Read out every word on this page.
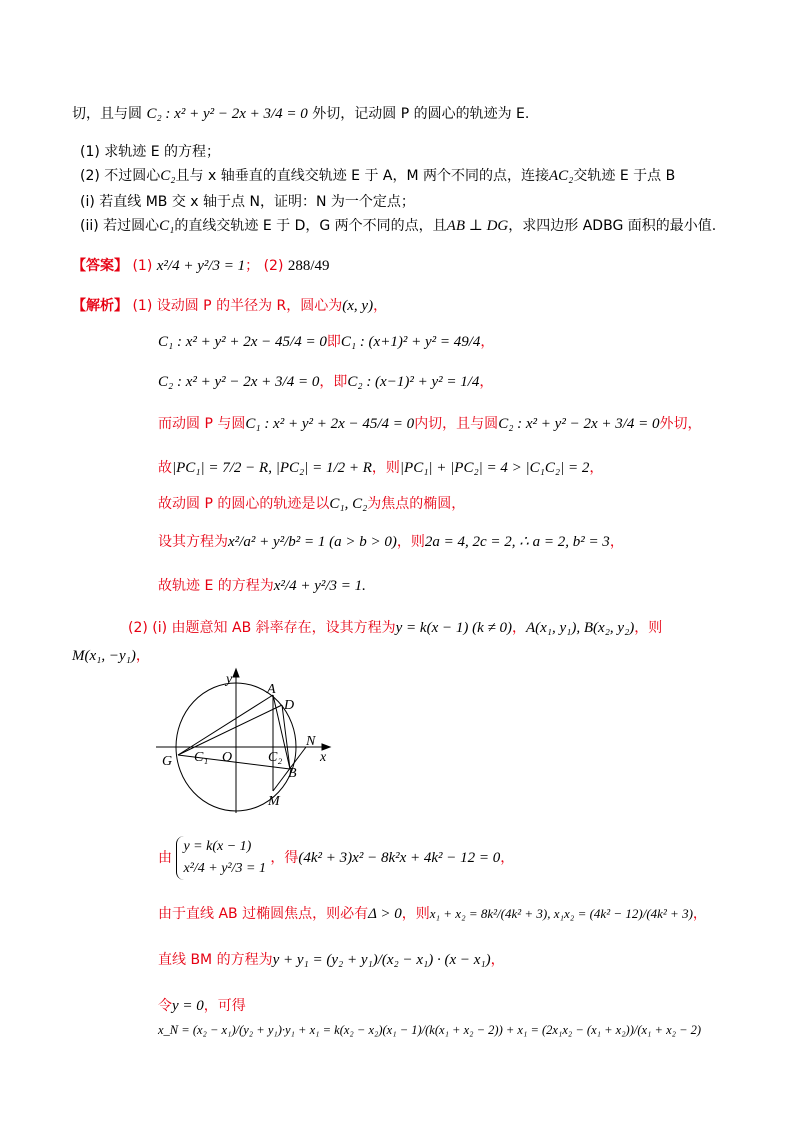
切，且与圆 C₂ : x² + y² − 2x + 3/4 = 0 外切，记动圆 P 的圆心的轨迹为 E.
(1) 求轨迹 E 的方程；
(2) 不过圆心C₂且与 x 轴垂直的直线交轨迹 E 于 A，M 两个不同的点，连接AC₂交轨迹 E 于点 B
(i) 若直线 MB 交 x 轴于点 N，证明：N 为一个定点；
(ii) 若过圆心C₁的直线交轨迹 E 于 D，G 两个不同的点，且AB ⊥ DG，求四边形 ADBG 面积的最小值.
【答案】 (1) x²/4 + y²/3 = 1； (2) 288/49
【解析】 (1) 设动圆 P 的半径为 R，圆心为(x, y)，
C₁ : x² + y² + 2x − 45/4 = 0即C₁ : (x+1)² + y² = 49/4，
C₂ : x² + y² − 2x + 3/4 = 0，即C₂ : (x−1)² + y² = 1/4，
而动圆 P 与圆C₁ : x² + y² + 2x − 45/4 = 0内切，且与圆C₂ : x² + y² − 2x + 3/4 = 0外切，
故|PC₁| = 7/2 − R, |PC₂| = 1/2 + R，则|PC₁| + |PC₂| = 4 > |C₁C₂| = 2，
故动圆 P 的圆心的轨迹是以C₁, C₂为焦点的椭圆，
设其方程为x²/a² + y²/b² = 1 (a > b > 0)，则2a = 4, 2c = 2, ∴ a = 2, b² = 3，
故轨迹 E 的方程为x²/4 + y²/3 = 1.
(2) (i) 由题意知 AB 斜率存在，设其方程为y = k(x − 1) (k ≠ 0)，A(x₁, y₁), B(x₂, y₂)，则
M(x₁, −y₁)，
y
x
O
A
D
N
G C₁	C₂
B
M
由
y = k(x − 1)
x²/4 + y²/3 = 1
，得(4k² + 3)x² − 8k²x + 4k² − 12 = 0，
由于直线 AB 过椭圆焦点，则必有Δ > 0，则x₁ + x₂ = 8k²/(4k² + 3), x₁x₂ = (4k² − 12)/(4k² + 3)，
直线 BM 的方程为y + y₁ = (y₂ + y₁)/(x₂ − x₁) · (x − x₁)，
令y = 0，可得
x_N = (x₂ − x₁)/(y₂ + y₁)·y₁ + x₁ = k(x₂ − x₂)(x₁ − 1)/(k(x₁ + x₂ − 2)) + x₁ = (2x₁x₂ − (x₁ + x₂))/(x₁ + x₂ − 2)
